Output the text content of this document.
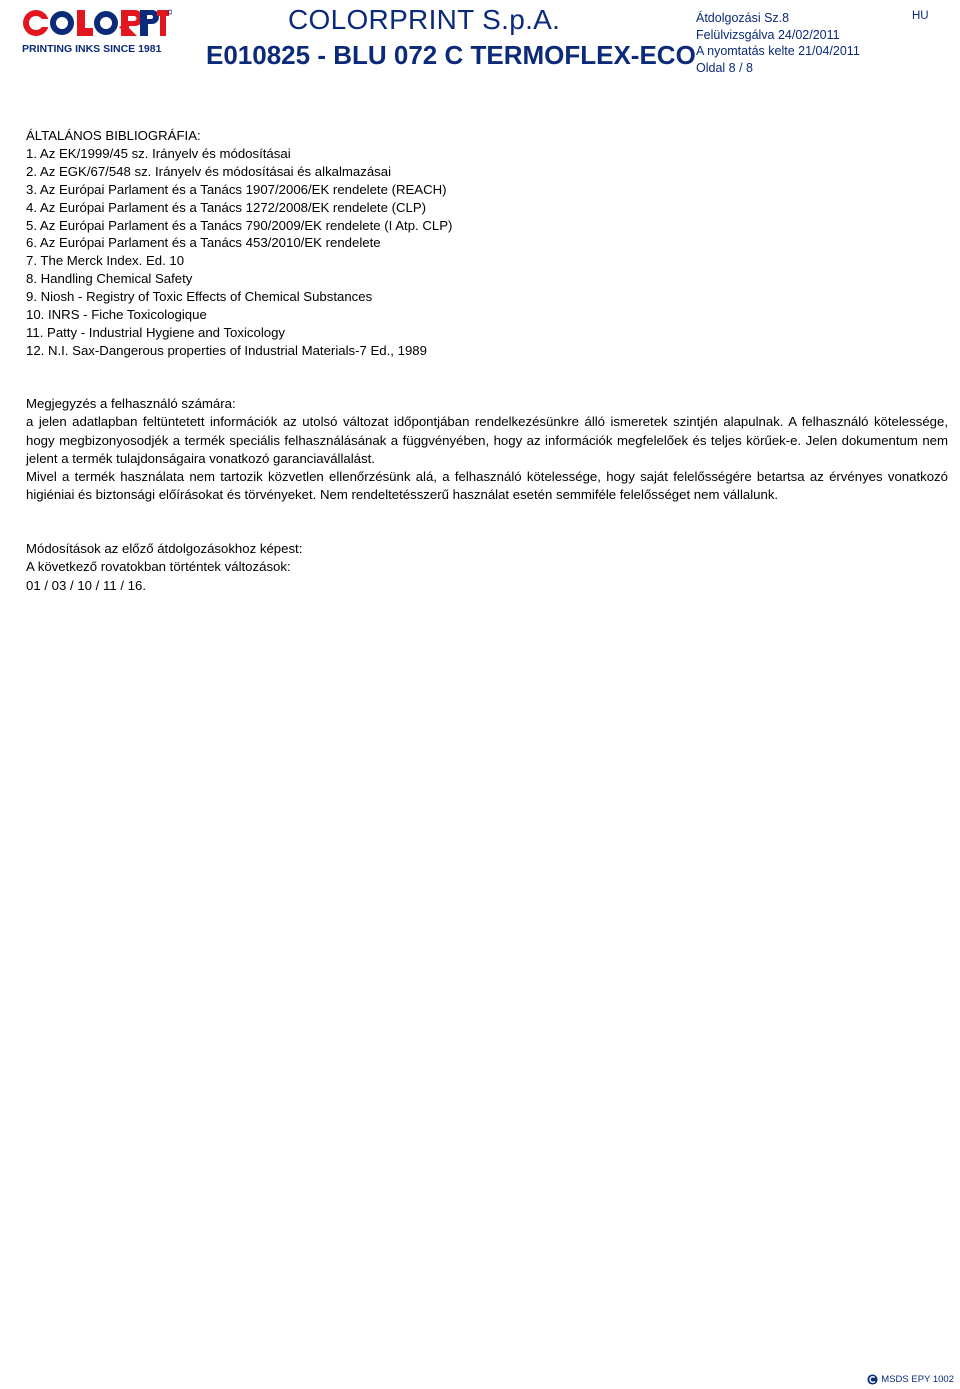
PRINTING INKS SINCE 1981
COLORPRINT S.p.A.
E010825 - BLU 072 C TERMOFLEX-ECO
Átdolgozási Sz.8
Felülvizsgálva 24/02/2011
A nyomtatás kelte 21/04/2011
Oldal 8 / 8
HU
ÁLTALÁNOS BIBLIOGRÁFIA:
1. Az EK/1999/45 sz. Irányelv és módosításai
2. Az EGK/67/548 sz. Irányelv és módosításai és alkalmazásai
3. Az Európai Parlament és a Tanács 1907/2006/EK rendelete (REACH)
4. Az Európai Parlament és a Tanács 1272/2008/EK rendelete (CLP)
5. Az Európai Parlament és a Tanács 790/2009/EK rendelete (I Atp. CLP)
6. Az Európai Parlament és a Tanács 453/2010/EK rendelete
7. The Merck Index. Ed. 10
8. Handling Chemical Safety
9. Niosh - Registry of Toxic Effects of Chemical Substances
10. INRS - Fiche Toxicologique
11. Patty - Industrial Hygiene and Toxicology
12. N.I. Sax-Dangerous properties of Industrial Materials-7 Ed., 1989

Megjegyzés a felhasználó számára:

a jelen adatlapban feltüntetett információk az utolsó változat időpontjában rendelkezésünkre álló ismeretek szintjén alapulnak. A felhasználó kötelessége, hogy megbizonyosodjék a termék speciális felhasználásának a függvényében, hogy az információk megfelelőek és teljes körűek-e. Jelen dokumentum nem jelent a termék tulajdonságaira vonatkozó garanciavállalást.

Mivel a termék használata nem tartozik közvetlen ellenőrzésünk alá, a felhasználó kötelessége, hogy saját felelősségére betartsa az érvényes vonatkozó higiéniai és biztonsági előírásokat és törvényeket. Nem rendeltetésszerű használat esetén semmiféle felelősséget nem vállalunk.

Módosítások az előző átdolgozásokhoz képest:
A következő rovatokban történtek változások:
01 / 03 / 10 / 11 / 16.
MSDS EPY 1002
